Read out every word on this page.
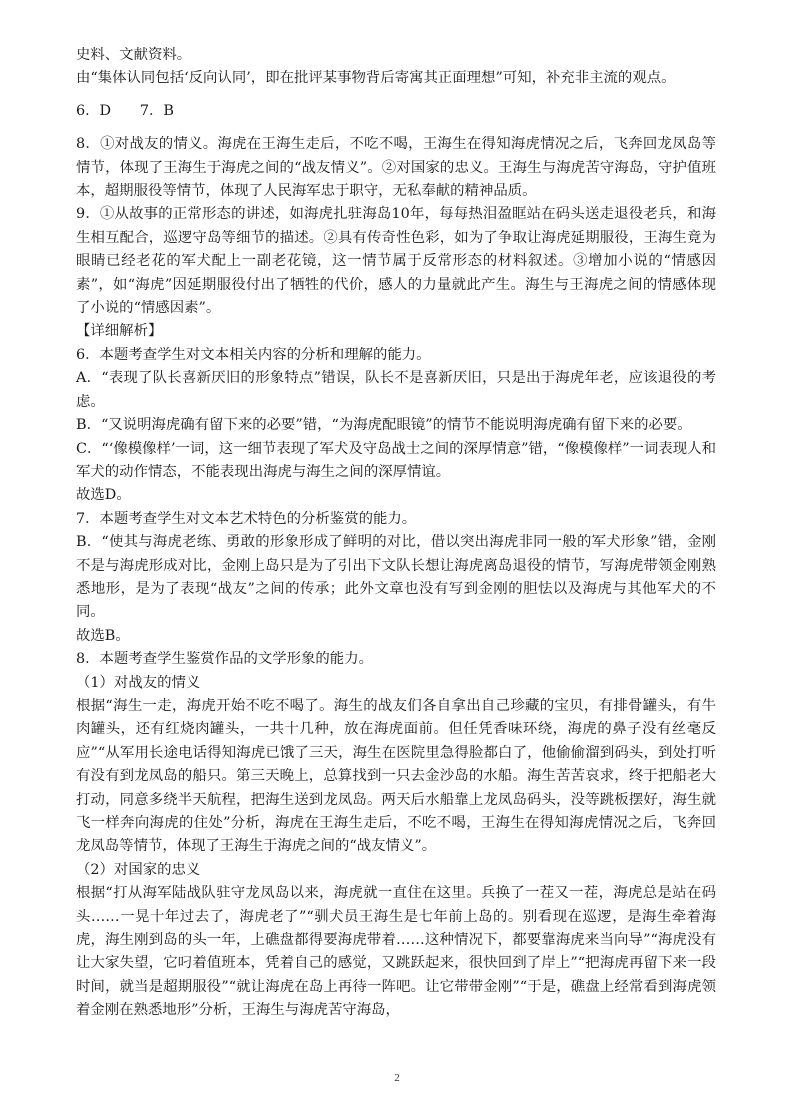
史料、文献资料。

由“集体认同包括‘反向认同’，即在批评某事物背后寄寓其正面理想”可知，补充非主流的观点。

6．D　　7．B

8．①对战友的情义。海虎在王海生走后，不吃不喝，王海生在得知海虎情况之后，飞奔回龙凤岛等情节，体现了王海生于海虎之间的“战友情义”。②对国家的忠义。王海生与海虎苦守海岛，守护值班本，超期服役等情节，体现了人民海军忠于职守，无私奉献的精神品质。

9．①从故事的正常形态的讲述，如海虎扎驻海岛10年，每每热泪盈眶站在码头送走退役老兵，和海生相互配合，巡逻守岛等细节的描述。②具有传奇性色彩，如为了争取让海虎延期服役，王海生竟为眼睛已经老花的军犬配上一副老花镜，这一情节属于反常形态的材料叙述。③增加小说的“情感因素”，如“海虎”因延期服役付出了牺牲的代价，感人的力量就此产生。海生与王海虎之间的情感体现了小说的“情感因素”。

【详细解析】

6．本题考查学生对文本相关内容的分析和理解的能力。

A．“表现了队长喜新厌旧的形象特点”错误，队长不是喜新厌旧，只是出于海虎年老，应该退役的考虑。

B．“又说明海虎确有留下来的必要”错，“为海虎配眼镜”的情节不能说明海虎确有留下来的必要。

C．“‘像模像样’一词，这一细节表现了军犬及守岛战士之间的深厚情意”错，“像模像样”一词表现人和军犬的动作情态，不能表现出海虎与海生之间的深厚情谊。

故选D。

7．本题考查学生对文本艺术特色的分析鉴赏的能力。

B．“使其与海虎老练、勇敢的形象形成了鲜明的对比，借以突出海虎非同一般的军犬形象”错，金刚不是与海虎形成对比，金刚上岛只是为了引出下文队长想让海虎离岛退役的情节，写海虎带领金刚熟悉地形，是为了表现“战友”之间的传承；此外文章也没有写到金刚的胆怯以及海虎与其他军犬的不同。

故选B。

8．本题考查学生鉴赏作品的文学形象的能力。

（1）对战友的情义

根据“海生一走，海虎开始不吃不喝了。海生的战友们各自拿出自己珍藏的宝贝，有排骨罐头，有牛肉罐头，还有红烧肉罐头，一共十几种，放在海虎面前。但任凭香味环绕，海虎的鼻子没有丝毫反应”“从军用长途电话得知海虎已饿了三天，海生在医院里急得脸都白了，他偷偷溜到码头，到处打听有没有到龙凤岛的船只。第三天晚上，总算找到一只去金沙岛的水船。海生苦苦哀求，终于把船老大打动，同意多绕半天航程，把海生送到龙凤岛。两天后水船靠上龙凤岛码头，没等跳板摆好，海生就飞一样奔向海虎的住处”分析，海虎在王海生走后，不吃不喝，王海生在得知海虎情况之后，飞奔回龙凤岛等情节，体现了王海生于海虎之间的“战友情义”。

（2）对国家的忠义

根据“打从海军陆战队驻守龙凤岛以来，海虎就一直住在这里。兵换了一茬又一茬，海虎总是站在码头……一晃十年过去了，海虎老了”“驯犬员王海生是七年前上岛的。别看现在巡逻，是海生牵着海虎，海生刚到岛的头一年，上礁盘都得要海虎带着……这种情况下，都要靠海虎来当向导”“海虎没有让大家失望，它叼着值班本，凭着自己的感觉，又跳跃起来，很快回到了岸上”“把海虎再留下来一段时间，就当是超期服役”“就让海虎在岛上再待一阵吧。让它带带金刚”“于是，礁盘上经常看到海虎领着金刚在熟悉地形”分析，王海生与海虎苦守海岛，

2
